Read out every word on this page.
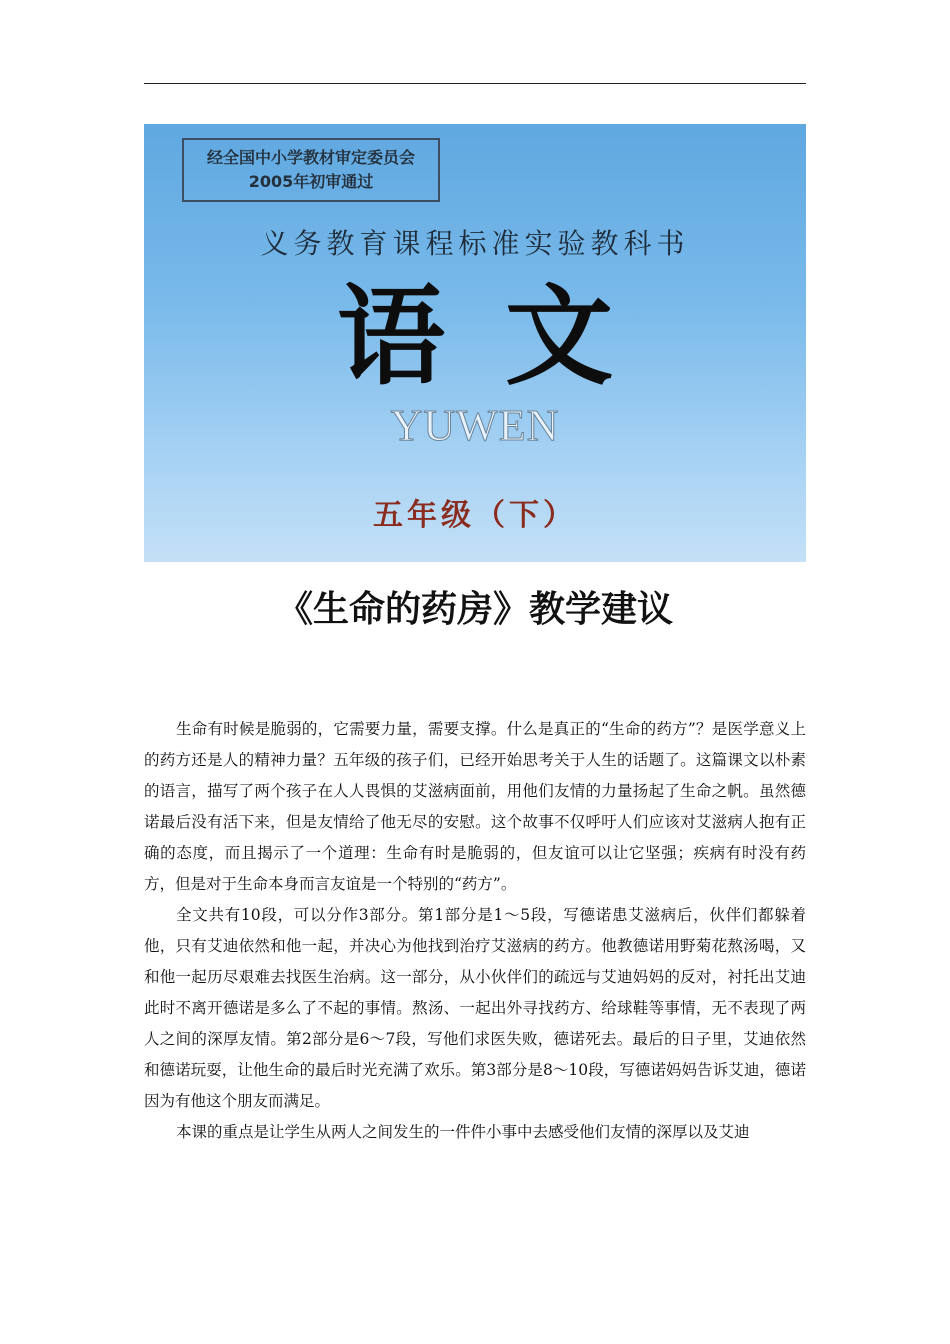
经全国中小学教材审定委员会
2005年初审通过
义务教育课程标准实验教科书
语文
YUWEN
五年级（下）
《生命的药房》教学建议

生命有时候是脆弱的，它需要力量，需要支撑。什么是真正的“生命的药方”？是医学意义上的药方还是人的精神力量？五年级的孩子们，已经开始思考关于人生的话题了。这篇课文以朴素的语言，描写了两个孩子在人人畏惧的艾滋病面前，用他们友情的力量扬起了生命之帆。虽然德诺最后没有活下来，但是友情给了他无尽的安慰。这个故事不仅呼吁人们应该对艾滋病人抱有正确的态度，而且揭示了一个道理：生命有时是脆弱的，但友谊可以让它坚强；疾病有时没有药方，但是对于生命本身而言友谊是一个特别的“药方”。

全文共有10段，可以分作3部分。第1部分是1～5段，写德诺患艾滋病后，伙伴们都躲着他，只有艾迪依然和他一起，并决心为他找到治疗艾滋病的药方。他教德诺用野菊花熬汤喝，又和他一起历尽艰难去找医生治病。这一部分，从小伙伴们的疏远与艾迪妈妈的反对，衬托出艾迪此时不离开德诺是多么了不起的事情。熬汤、一起出外寻找药方、给球鞋等事情，无不表现了两人之间的深厚友情。第2部分是6～7段，写他们求医失败，德诺死去。最后的日子里，艾迪依然和德诺玩耍，让他生命的最后时光充满了欢乐。第3部分是8～10段，写德诺妈妈告诉艾迪，德诺因为有他这个朋友而满足。

本课的重点是让学生从两人之间发生的一件件小事中去感受他们友情的深厚以及艾迪
